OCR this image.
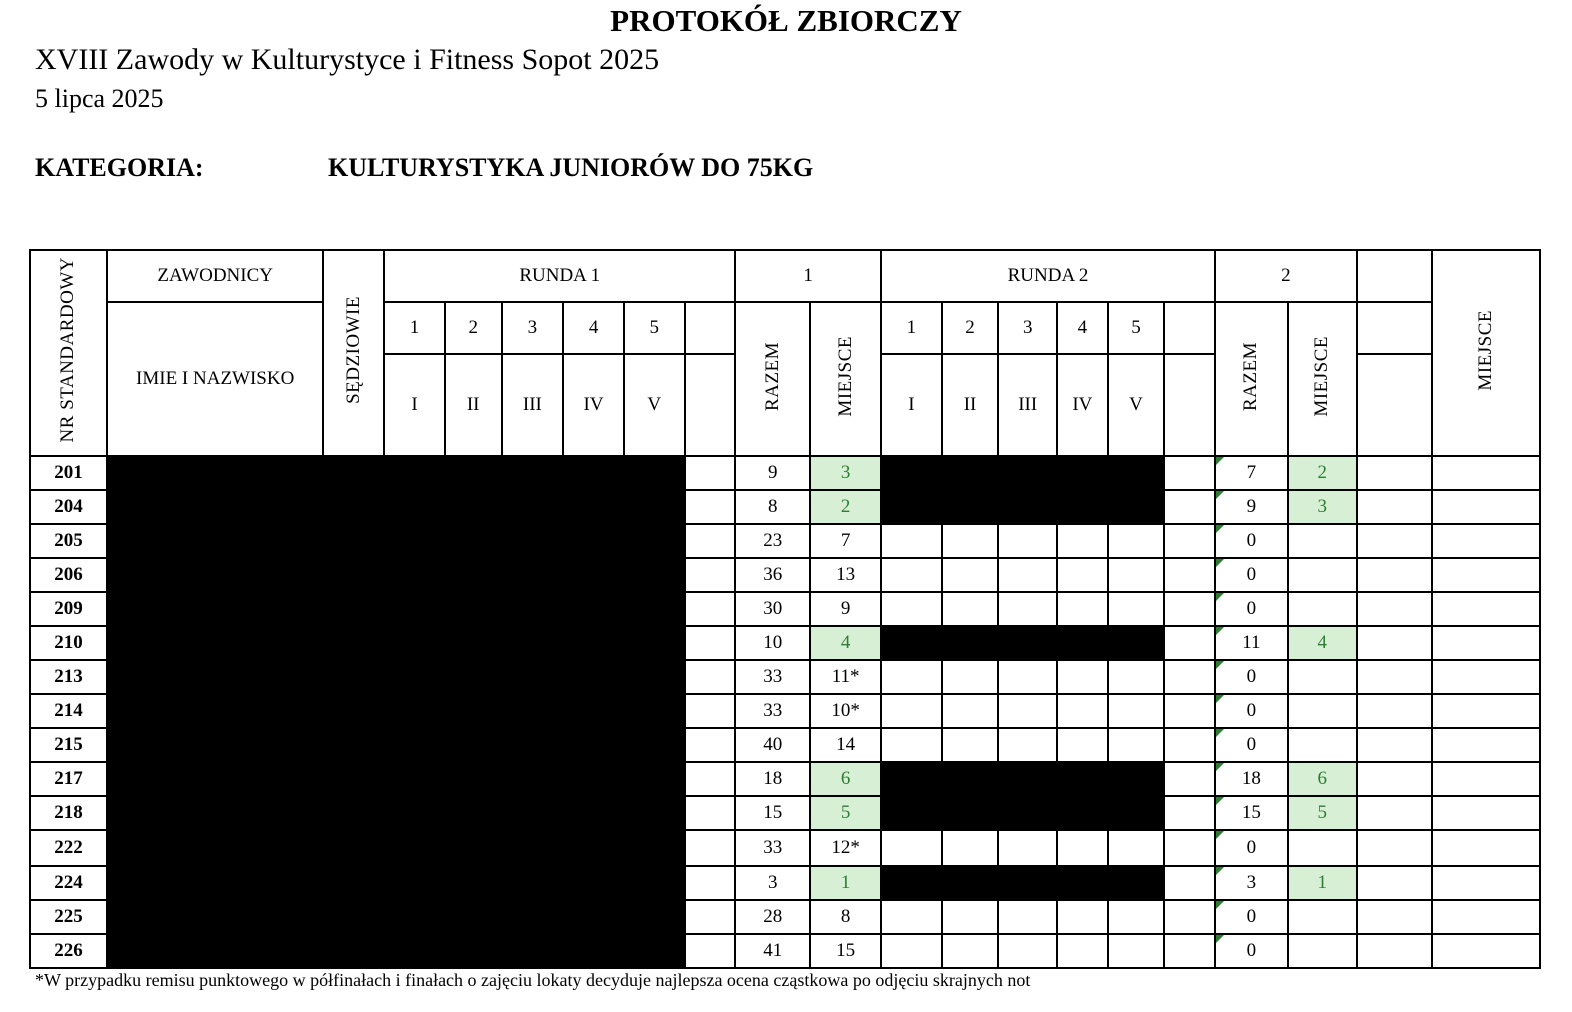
PROTOKÓŁ ZBIORCZY
XVIII Zawody w Kulturystyce i Fitness Sopot 2025
5 lipca 2025
KATEGORIA:	KULTURYSTYKA JUNIORÓW DO 75KG
NR STANDARDOWY	ZAWODNICY	SĘDZIOWIE	RUNDA 1						1		RUNDA 2						2			MIEJSCE
	IMIE I NAZWISKO		1	2	3	4	5		RAZEM	MIEJSCE	1	2	3	4	5		RAZEM	MIEJSCE		
			I	II	III	IV	V				I	II	III	IV	V					
201									9	3							7	2		
204									8	2							9	3		
205									23	7							0			
206									36	13							0			
209									30	9							0			
210									10	4							11	4		
213									33	11*							0			
214									33	10*							0			
215									40	14							0			
217									18	6							18	6		
218									15	5							15	5		
222									33	12*							0			
224									3	1							3	1		
225									28	8							0			
226									41	15							0			
*W przypadku remisu punktowego w półfinałach i finałach o zajęciu lokaty decyduje najlepsza ocena cząstkowa po odjęciu skrajnych not
